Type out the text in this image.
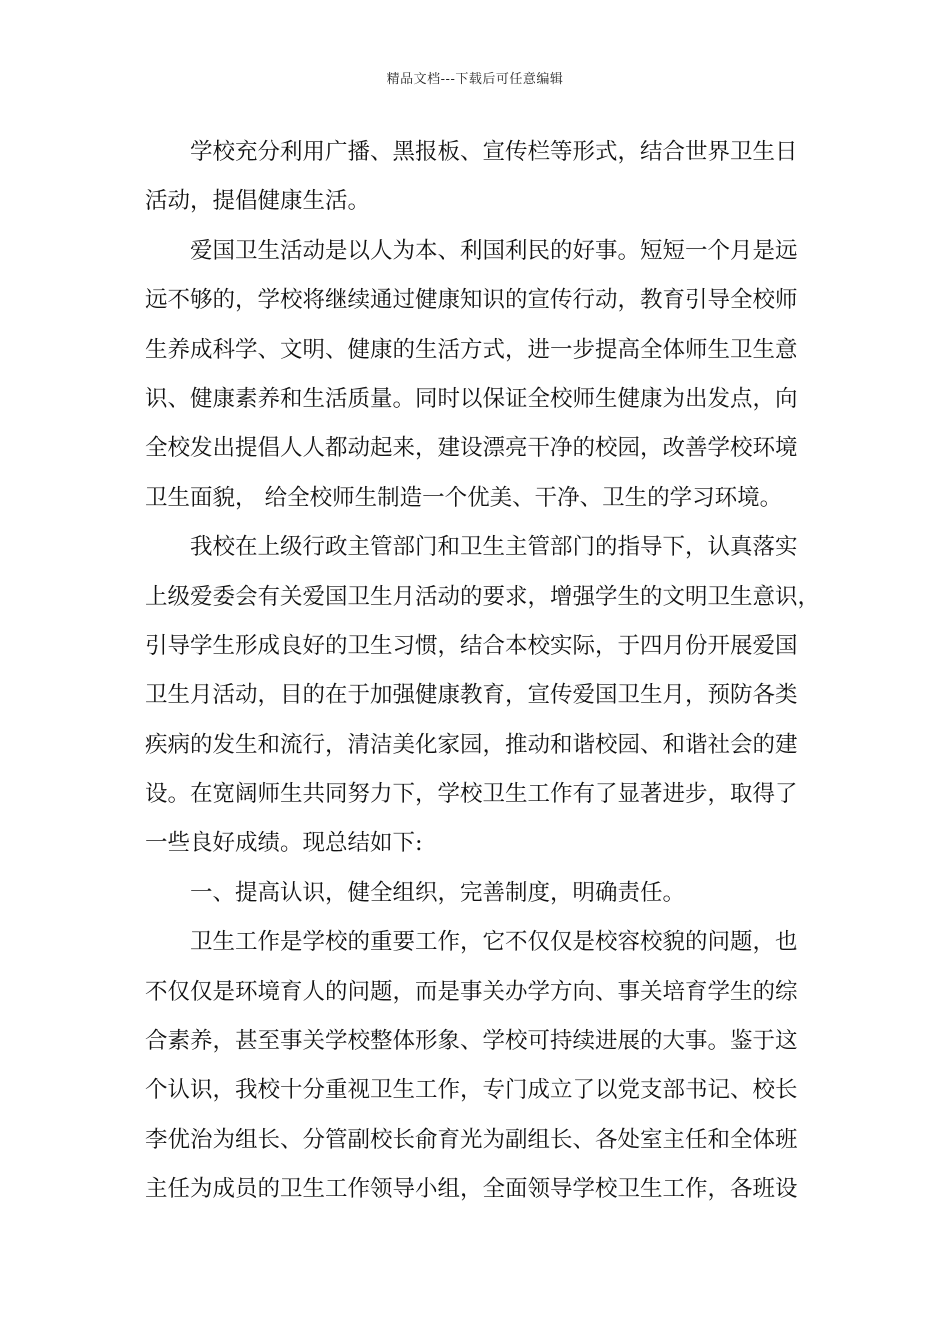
精品文档---下载后可任意编辑
学校充分利用广播、黑报板、宣传栏等形式，结合世界卫生日
活动，提倡健康生活。
爱国卫生活动是以人为本、利国利民的好事。短短一个月是远
远不够的，学校将继续通过健康知识的宣传行动，教育引导全校师
生养成科学、文明、健康的生活方式，进一步提高全体师生卫生意
识、健康素养和生活质量。同时以保证全校师生健康为出发点，向
全校发出提倡人人都动起来，建设漂亮干净的校园，改善学校环境
卫生面貌， 给全校师生制造一个优美、干净、卫生的学习环境。
我校在上级行政主管部门和卫生主管部门的指导下，认真落实
上级爱委会有关爱国卫生月活动的要求，增强学生的文明卫生意识，
引导学生形成良好的卫生习惯，结合本校实际，于四月份开展爱国
卫生月活动，目的在于加强健康教育，宣传爱国卫生月，预防各类
疾病的发生和流行，清洁美化家园，推动和谐校园、和谐社会的建
设。在宽阔师生共同努力下，学校卫生工作有了显著进步，取得了
一些良好成绩。现总结如下:
一、提高认识，健全组织，完善制度，明确责任。
卫生工作是学校的重要工作，它不仅仅是校容校貌的问题，也
不仅仅是环境育人的问题，而是事关办学方向、事关培育学生的综
合素养，甚至事关学校整体形象、学校可持续进展的大事。鉴于这
个认识，我校十分重视卫生工作，专门成立了以党支部书记、校长
李优治为组长、分管副校长俞育光为副组长、各处室主任和全体班
主任为成员的卫生工作领导小组，全面领导学校卫生工作，各班设
